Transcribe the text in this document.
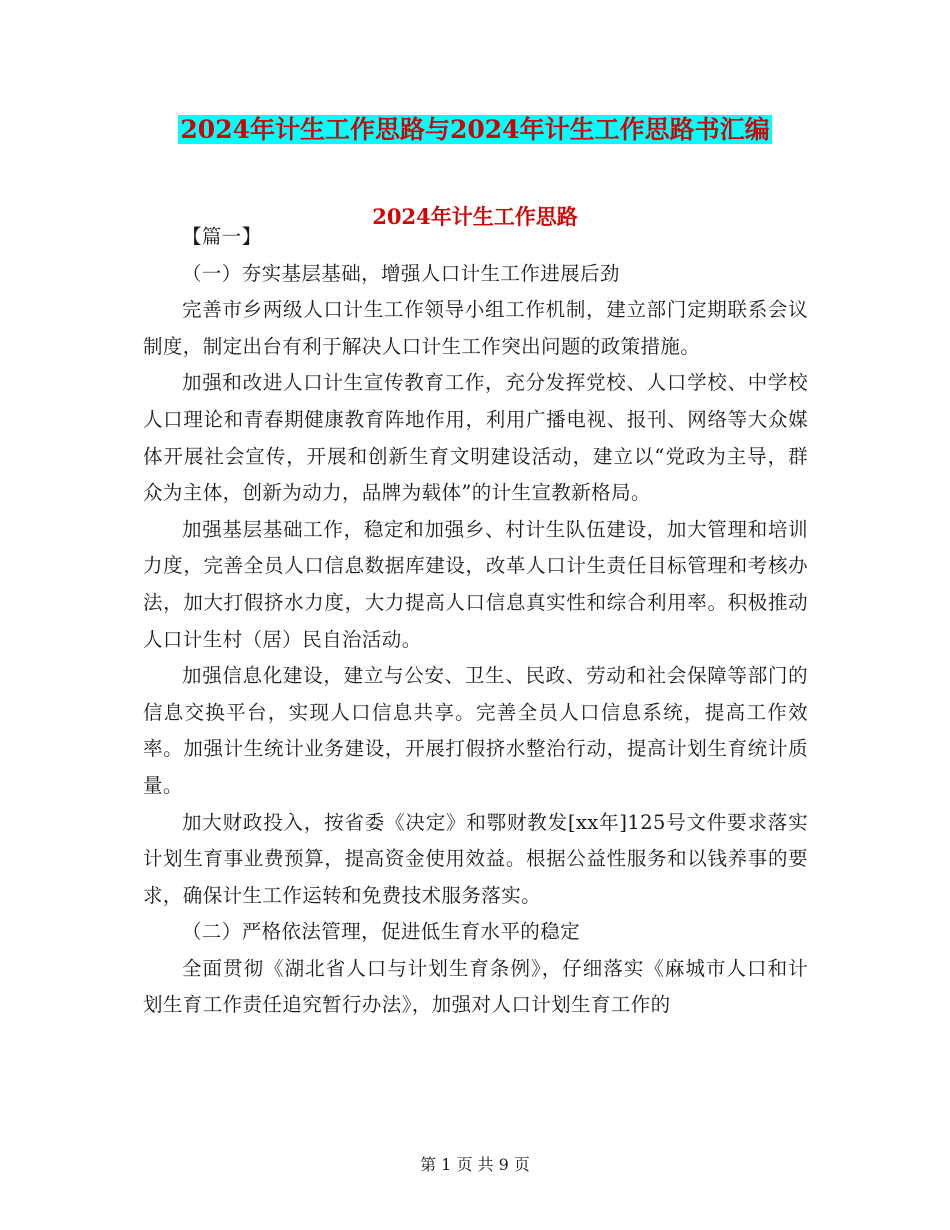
2024年计生工作思路与2024年计生工作思路书汇编
2024年计生工作思路

【篇一】

（一）夯实基层基础，增强人口计生工作进展后劲

完善市乡两级人口计生工作领导小组工作机制，建立部门定期联系会议制度，制定出台有利于解决人口计生工作突出问题的政策措施。

加强和改进人口计生宣传教育工作，充分发挥党校、人口学校、中学校人口理论和青春期健康教育阵地作用，利用广播电视、报刊、网络等大众媒体开展社会宣传，开展和创新生育文明建设活动，建立以“党政为主导，群众为主体，创新为动力，品牌为载体”的计生宣教新格局。

加强基层基础工作，稳定和加强乡、村计生队伍建设，加大管理和培训力度，完善全员人口信息数据库建设，改革人口计生责任目标管理和考核办法，加大打假挤水力度，大力提高人口信息真实性和综合利用率。积极推动人口计生村（居）民自治活动。

加强信息化建设，建立与公安、卫生、民政、劳动和社会保障等部门的信息交换平台，实现人口信息共享。完善全员人口信息系统，提高工作效率。加强计生统计业务建设，开展打假挤水整治行动，提高计划生育统计质量。

加大财政投入，按省委《决定》和鄂财教发[xx年]125号文件要求落实计划生育事业费预算，提高资金使用效益。根据公益性服务和以钱养事的要求，确保计生工作运转和免费技术服务落实。

（二）严格依法管理，促进低生育水平的稳定

全面贯彻《湖北省人口与计划生育条例》，仔细落实《麻城市人口和计划生育工作责任追究暂行办法》，加强对人口计划生育工作的

第 1 页 共 9 页
